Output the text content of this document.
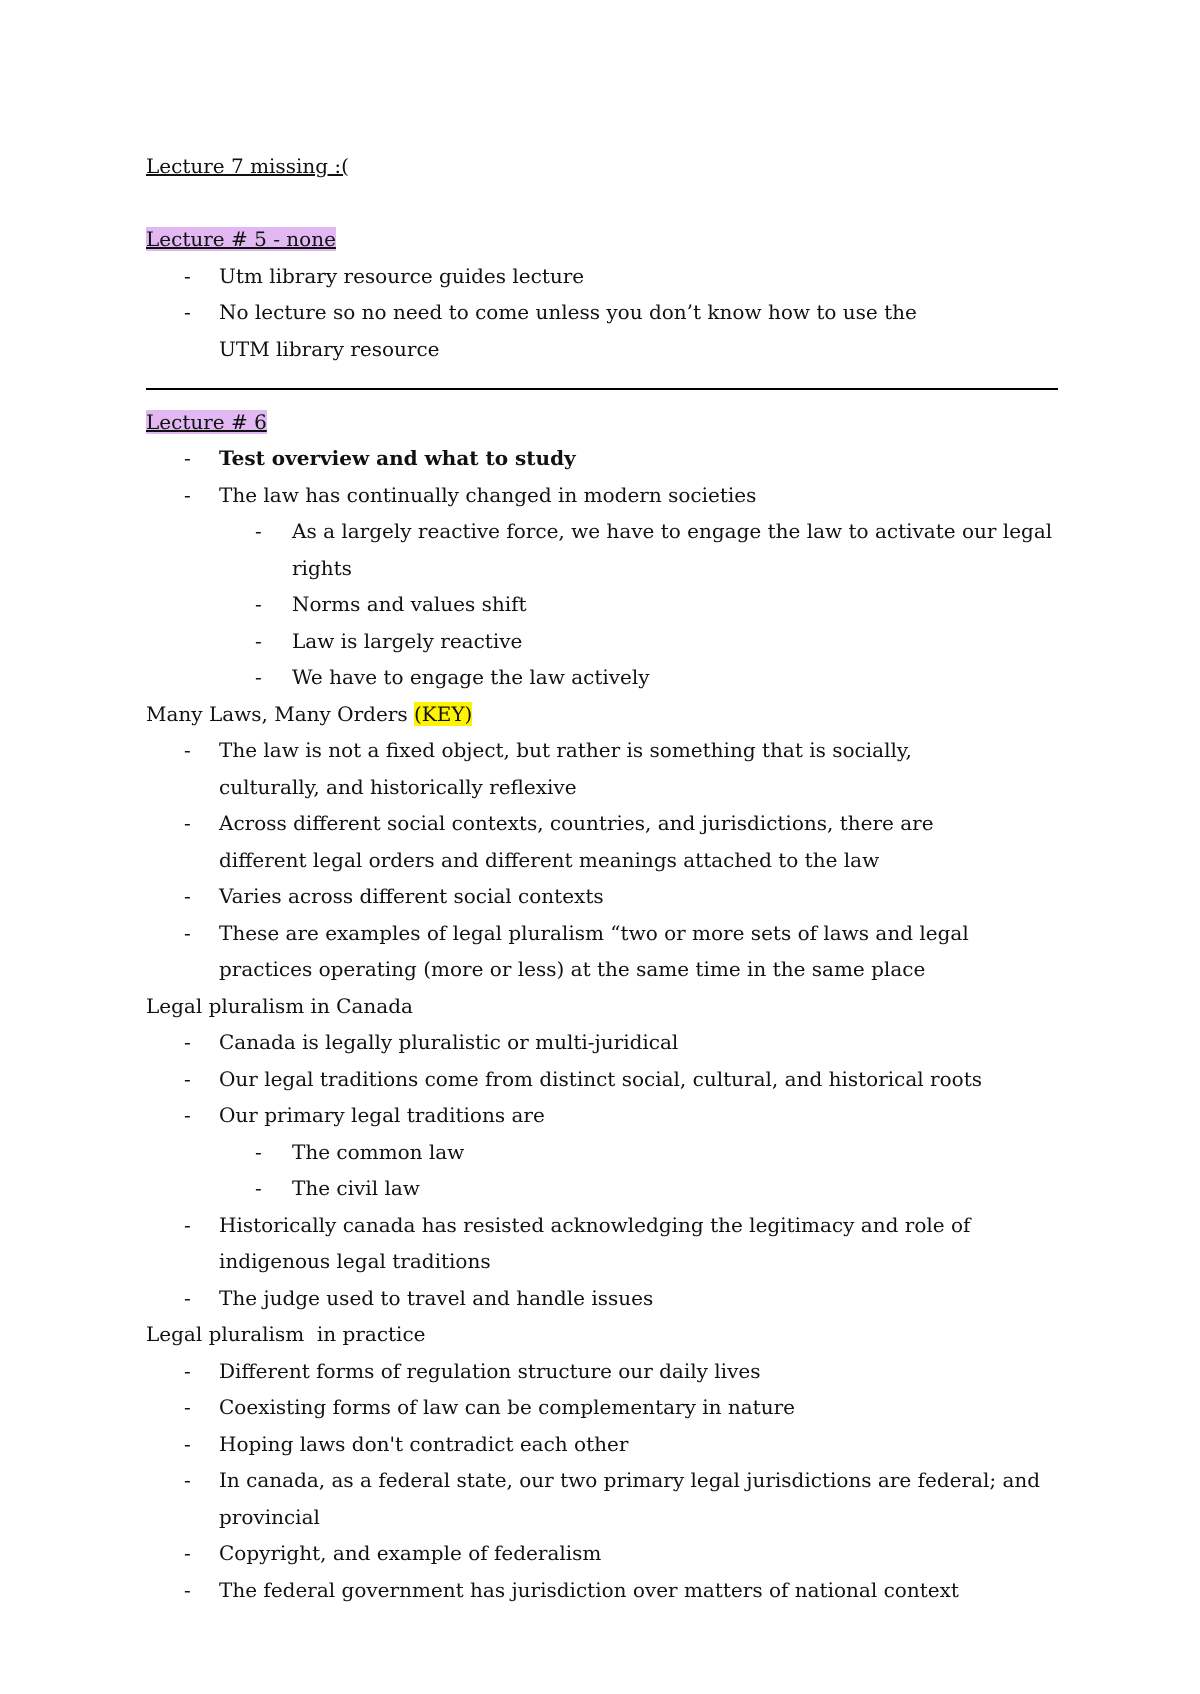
Lecture 7 missing :(
Lecture # 5 - none
- Utm library resource guides lecture
- No lecture so no need to come unless you don’t know how to use the UTM library resource
Lecture # 6
- Test overview and what to study
- The law has continually changed in modern societies
- As a largely reactive force, we have to engage the law to activate our legal rights
- Norms and values shift
- Law is largely reactive
- We have to engage the law actively
Many Laws, Many Orders (KEY)
- The law is not a fixed object, but rather is something that is socially, culturally, and historically reflexive
- Across different social contexts, countries, and jurisdictions, there are different legal orders and different meanings attached to the law
- Varies across different social contexts
- These are examples of legal pluralism “two or more sets of laws and legal practices operating (more or less) at the same time in the same place
Legal pluralism in Canada
- Canada is legally pluralistic or multi-juridical
- Our legal traditions come from distinct social, cultural, and historical roots
- Our primary legal traditions are
- The common law
- The civil law
- Historically canada has resisted acknowledging the legitimacy and role of indigenous legal traditions
- The judge used to travel and handle issues
Legal pluralism  in practice
- Different forms of regulation structure our daily lives
- Coexisting forms of law can be complementary in nature
- Hoping laws don't contradict each other
- In canada, as a federal state, our two primary legal jurisdictions are federal; and provincial
- Copyright, and example of federalism
- The federal government has jurisdiction over matters of national context
